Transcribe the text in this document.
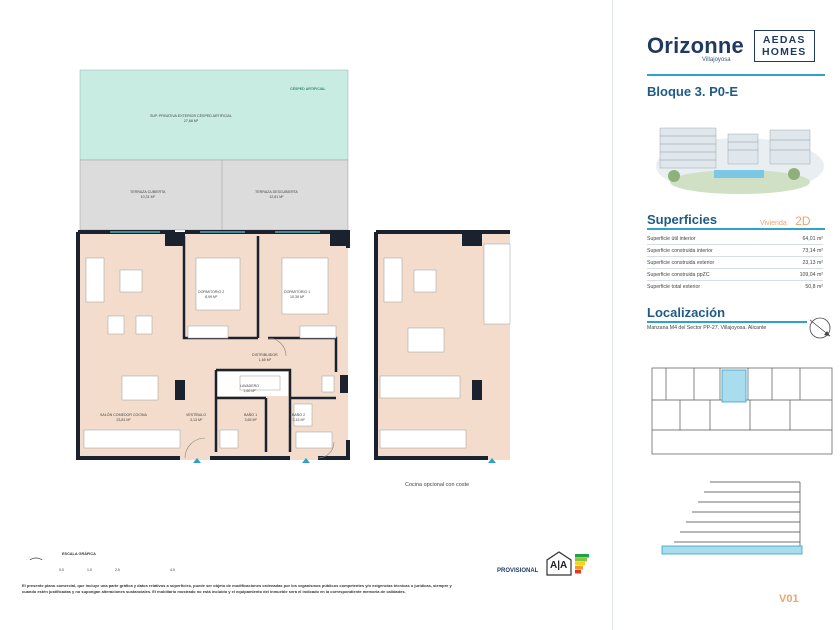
CÉSPED ARTIFICIAL
SUP. PRIVATIVA EXTERIOR CÉSPED ARTIFICIAL
27,68 M²
TERRAZA CUBIERTA
10,31 M²
TERRAZA DESCUBIERTA
12,81 M²
DORMITORIO 2
8,99 M²
DORMITORIO 1
10,39 M²
DISTRIBUIDOR
1,65 M²
LAVADERO
1,60 M²
SALÓN COMEDOR COCINA
23,81 M²
VESTÍBULO
3,13 M²
BAÑO 1
3,65 M²
BAÑO 2
3,15 M²
Cocina opcional con coste
ESCALA GRÁFICA
0.0	1.0	2.0	4.0	PROVISIONAL A|A
El presente plano comercial, que incluye una parte gráfica y datos relativos a superficies, puede ser objeto de modificaciones ordenadas por los organismos públicos competentes y/o exigencias técnicas o jurídicas, siempre y
cuando estén justificadas y no supongan alteraciones sustanciales. El mobiliario mostrado no está incluido y el equipamiento del inmueble será el indicado en la correspondiente memoria de calidades.
Orizonne
Villajoyosa
AEDAS
HOMES
Bloque 3. P0-E
Superficies	Vivienda 2D
Superficie útil interior	64,01 m²
Superficie construida interior	73,14 m²
Superficie construida exterior	23,13 m²
Superficie construida ppZC	109,04 m²
Superficie total exterior	50,8 m²
Localización
Manzana M4 del Sector PP-27. Villajoyosa. Alicante
V01
